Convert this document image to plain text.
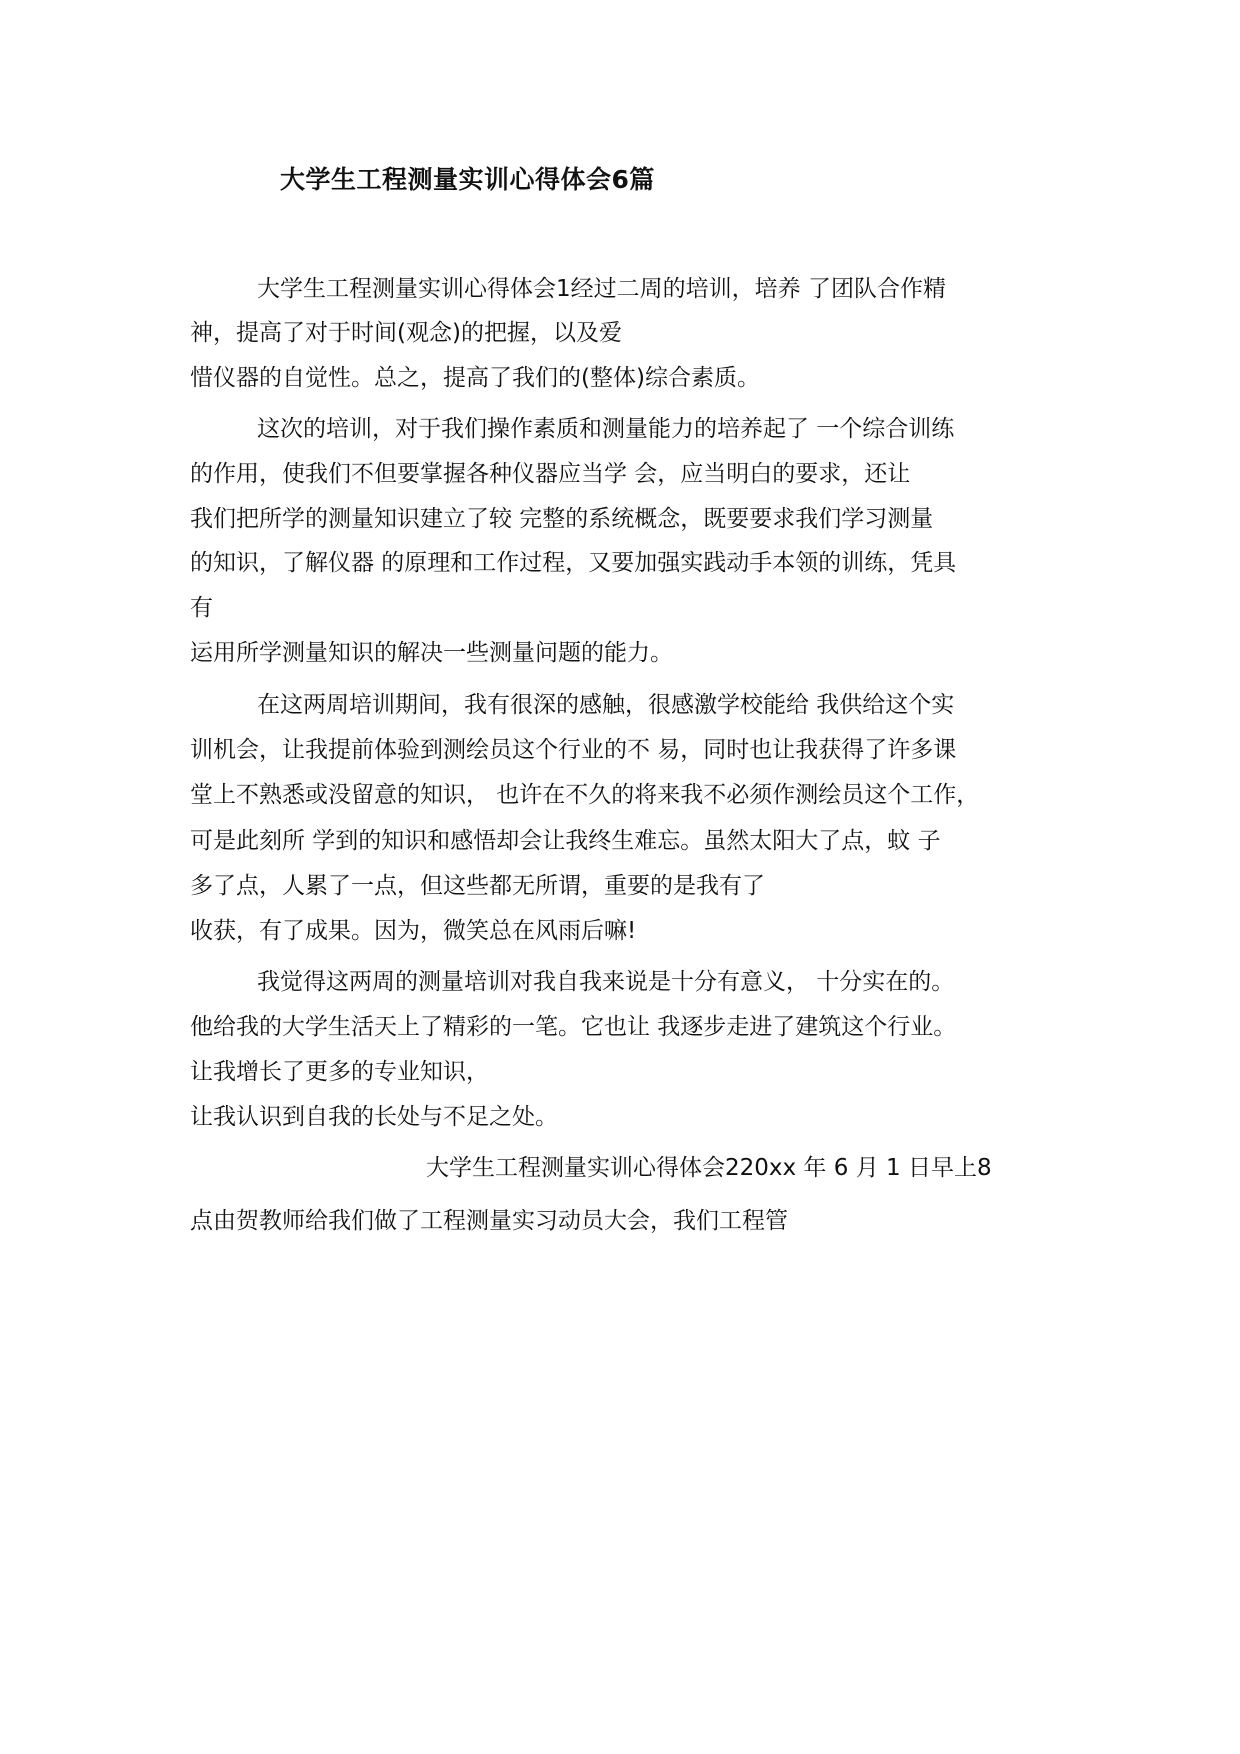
大学生工程测量实训心得体会6篇
大学生工程测量实训心得体会1经过二周的培训，培养 了团队合作精
神，提高了对于时间(观念)的把握，以及爱
惜仪器的自觉性。总之，提高了我们的(整体)综合素质。
这次的培训，对于我们操作素质和测量能力的培养起了 一个综合训练
的作用，使我们不但要掌握各种仪器应当学 会，应当明白的要求，还让
我们把所学的测量知识建立了较 完整的系统概念，既要要求我们学习测量
的知识，了解仪器 的原理和工作过程，又要加强实践动手本领的训练，凭具
有
运用所学测量知识的解决一些测量问题的能力。
在这两周培训期间，我有很深的感触，很感激学校能给 我供给这个实
训机会，让我提前体验到测绘员这个行业的不 易，同时也让我获得了许多课
堂上不熟悉或没留意的知识， 也许在不久的将来我不必须作测绘员这个工作，
可是此刻所 学到的知识和感悟却会让我终生难忘。虽然太阳大了点，蚊 子
多了点，人累了一点，但这些都无所谓，重要的是我有了
收获，有了成果。因为，微笑总在风雨后嘛!
我觉得这两周的测量培训对我自我来说是十分有意义， 十分实在的。
他给我的大学生活天上了精彩的一笔。它也让 我逐步走进了建筑这个行业。
让我增长了更多的专业知识，
让我认识到自我的长处与不足之处。
大学生工程测量实训心得体会220xx 年 6 月 1 日早上8
点由贺教师给我们做了工程测量实习动员大会，我们工程管
